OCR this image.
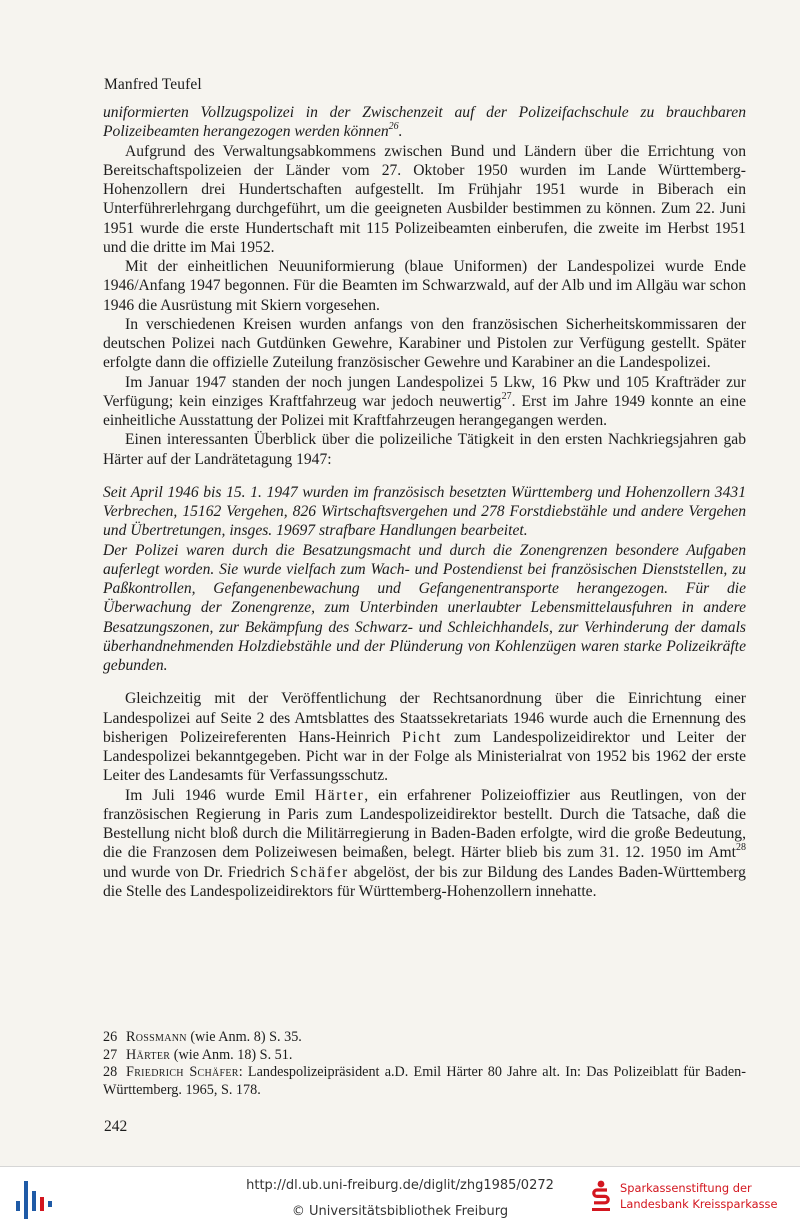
Manfred Teufel

uniformierten Vollzugspolizei in der Zwischenzeit auf der Polizeifachschule zu brauchbaren Polizeibeamten herangezogen werden können$^{26}$.

Aufgrund des Verwaltungsabkommens zwischen Bund und Ländern über die Errichtung von Bereitschaftspolizeien der Länder vom 27. Oktober 1950 wurden im Lande Württemberg-Hohenzollern drei Hundertschaften aufgestellt. Im Frühjahr 1951 wurde in Biberach ein Unterführerlehrgang durchgeführt, um die geeigneten Ausbilder bestimmen zu können. Zum 22. Juni 1951 wurde die erste Hundertschaft mit 115 Polizeibeamten einberufen, die zweite im Herbst 1951 und die dritte im Mai 1952.

Mit der einheitlichen Neuuniformierung (blaue Uniformen) der Landespolizei wurde Ende 1946/Anfang 1947 begonnen. Für die Beamten im Schwarzwald, auf der Alb und im Allgäu war schon 1946 die Ausrüstung mit Skiern vorgesehen.

In verschiedenen Kreisen wurden anfangs von den französischen Sicherheitskommissaren der deutschen Polizei nach Gutdünken Gewehre, Karabiner und Pistolen zur Verfügung gestellt. Später erfolgte dann die offizielle Zuteilung französischer Gewehre und Karabiner an die Landespolizei.

Im Januar 1947 standen der noch jungen Landespolizei 5 Lkw, 16 Pkw und 105 Krafträder zur Verfügung; kein einziges Kraftfahrzeug war jedoch neuwertig$^{27}$. Erst im Jahre 1949 konnte an eine einheitliche Ausstattung der Polizei mit Kraftfahrzeugen herangegangen werden.

Einen interessanten Überblick über die polizeiliche Tätigkeit in den ersten Nachkriegsjahren gab Härter auf der Landrätetagung 1947:

Seit April 1946 bis 15. 1. 1947 wurden im französisch besetzten Württemberg und Hohenzollern 3431 Verbrechen, 15162 Vergehen, 826 Wirtschaftsvergehen und 278 Forstdiebstähle und andere Vergehen und Übertretungen, insges. 19697 strafbare Handlungen bearbeitet.

Der Polizei waren durch die Besatzungsmacht und durch die Zonengrenzen besondere Aufgaben auferlegt worden. Sie wurde vielfach zum Wach- und Postendienst bei französischen Dienststellen, zu Paßkontrollen, Gefangenenbewachung und Gefangenentransporte herangezogen. Für die Überwachung der Zonengrenze, zum Unterbinden unerlaubter Lebensmittelausfuhren in andere Besatzungszonen, zur Bekämpfung des Schwarz- und Schleichhandels, zur Verhinderung der damals überhandnehmenden Holzdiebstähle und der Plünderung von Kohlenzügen waren starke Polizeikräfte gebunden.

Gleichzeitig mit der Veröffentlichung der Rechtsanordnung über die Einrichtung einer Landespolizei auf Seite 2 des Amtsblattes des Staatssekretariats 1946 wurde auch die Ernennung des bisherigen Polizeireferenten Hans-Heinrich Picht zum Landespolizeidirektor und Leiter der Landespolizei bekanntgegeben. Picht war in der Folge als Ministerialrat von 1952 bis 1962 der erste Leiter des Landesamts für Verfassungsschutz.

Im Juli 1946 wurde Emil Härter, ein erfahrener Polizeioffizier aus Reutlingen, von der französischen Regierung in Paris zum Landespolizeidirektor bestellt. Durch die Tatsache, daß die Bestellung nicht bloß durch die Militärregierung in Baden-Baden erfolgte, wird die große Bedeutung, die die Franzosen dem Polizeiwesen beimaßen, belegt. Härter blieb bis zum 31. 12. 1950 im Amt$^{28}$ und wurde von Dr. Friedrich Schäfer abgelöst, der bis zur Bildung des Landes Baden-Württemberg die Stelle des Landespolizeidirektors für Württemberg-Hohenzollern innehatte.

26 Rossmann (wie Anm. 8) S. 35.

27 Härter (wie Anm. 18) S. 51.

28 Friedrich Schäfer: Landespolizeipräsident a.D. Emil Härter 80 Jahre alt. In: Das Polizeiblatt für Baden-Württemberg. 1965, S. 178.

242
http://dl.ub.uni-freiburg.de/diglit/zhg1985/0272
© Universitätsbibliothek Freiburg
Sparkassenstiftung der
Landesbank Kreissparkasse
